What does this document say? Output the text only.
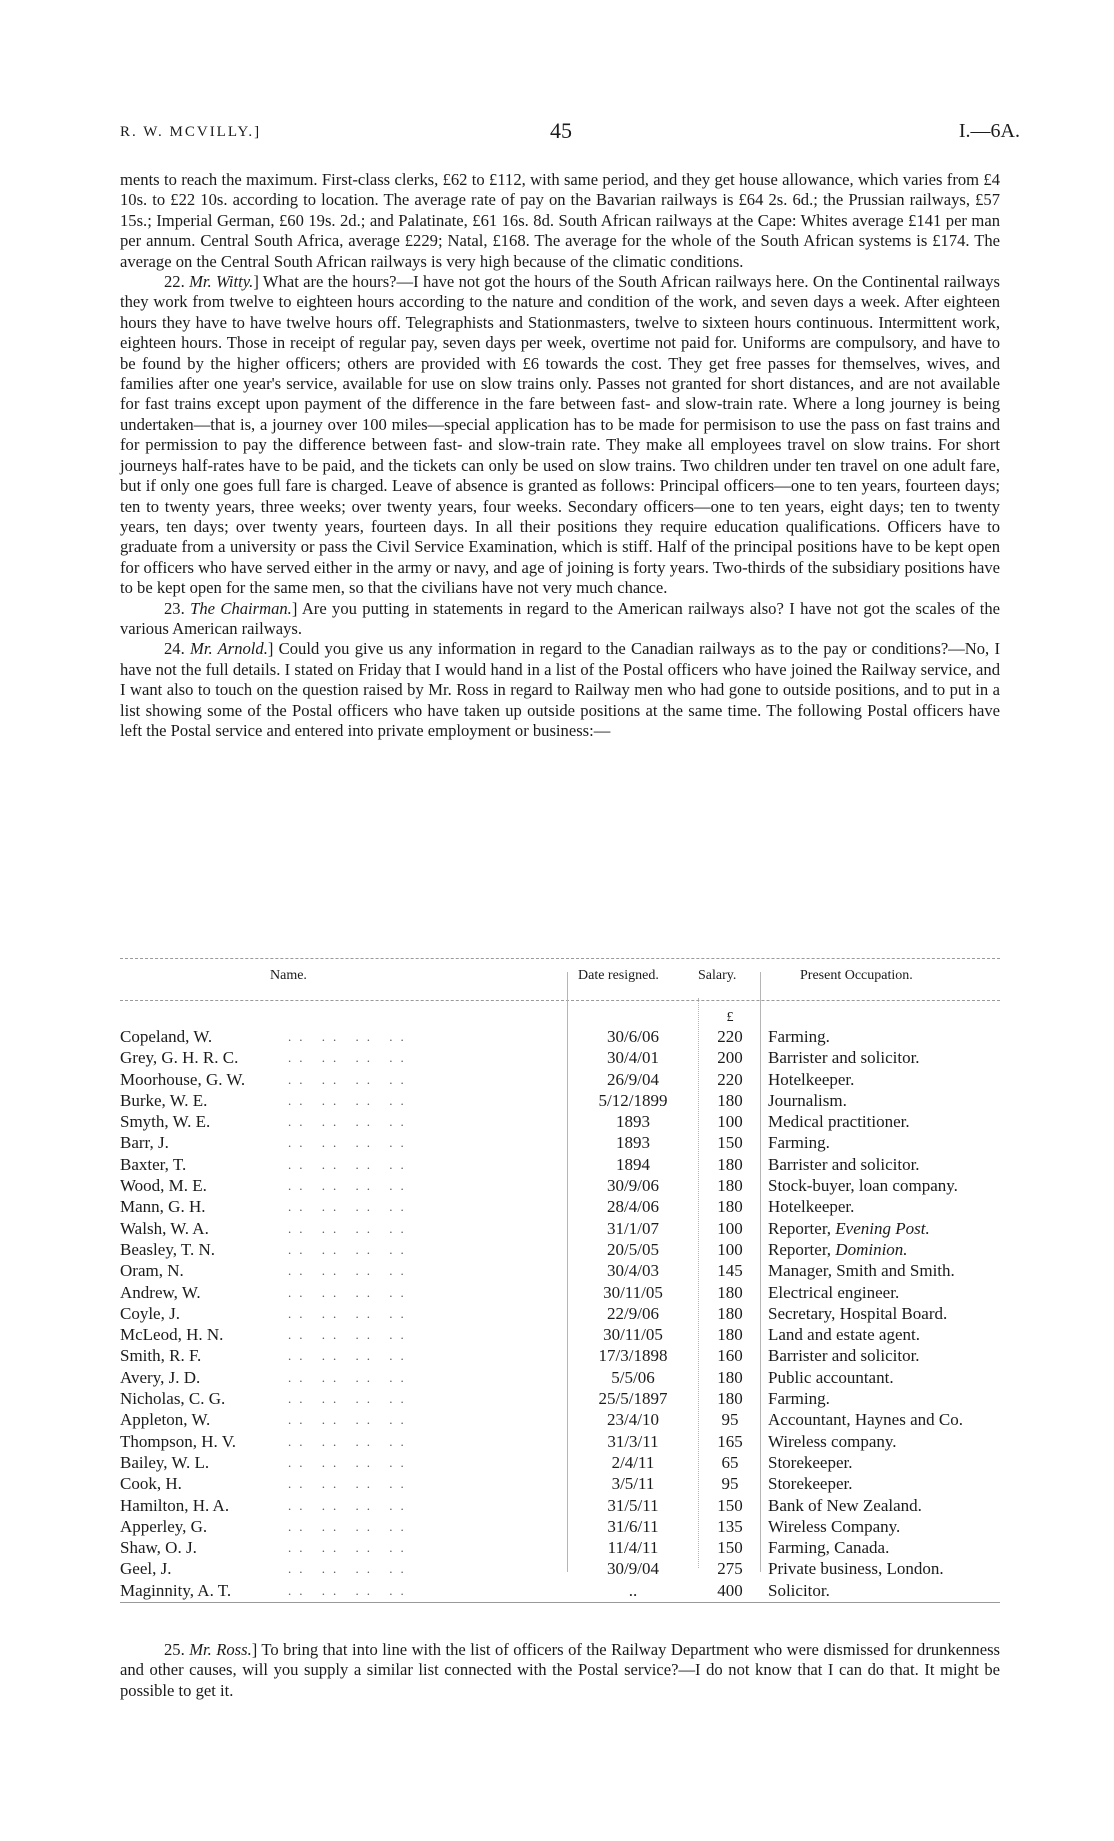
R. W. MCVILLY.]	45	I.—6A.

ments to reach the maximum. First-class clerks, £62 to £112, with same period, and they get house allowance, which varies from £4 10s. to £22 10s. according to location. The average rate of pay on the Bavarian railways is £64 2s. 6d.; the Prussian railways, £57 15s.; Imperial German, £60 19s. 2d.; and Palatinate, £61 16s. 8d. South African railways at the Cape: Whites average £141 per man per annum. Central South Africa, average £229; Natal, £168. The average for the whole of the South African systems is £174. The average on the Central South African railways is very high because of the climatic conditions.

22. Mr. Witty.] What are the hours?—I have not got the hours of the South African railways here. On the Continental railways they work from twelve to eighteen hours according to the nature and condition of the work, and seven days a week. After eighteen hours they have to have twelve hours off. Telegraphists and Stationmasters, twelve to sixteen hours continuous. Intermittent work, eighteen hours. Those in receipt of regular pay, seven days per week, overtime not paid for. Uniforms are compulsory, and have to be found by the higher officers; others are provided with £6 towards the cost. They get free passes for themselves, wives, and families after one year's service, available for use on slow trains only. Passes not granted for short distances, and are not available for fast trains except upon payment of the difference in the fare between fast- and slow-train rate. Where a long journey is being undertaken—that is, a journey over 100 miles—special application has to be made for permisison to use the pass on fast trains and for permission to pay the difference between fast- and slow-train rate. They make all employees travel on slow trains. For short journeys half-rates have to be paid, and the tickets can only be used on slow trains. Two children under ten travel on one adult fare, but if only one goes full fare is charged. Leave of absence is granted as follows: Principal officers—one to ten years, fourteen days; ten to twenty years, three weeks; over twenty years, four weeks. Secondary officers—one to ten years, eight days; ten to twenty years, ten days; over twenty years, fourteen days. In all their positions they require education qualifications. Officers have to graduate from a university or pass the Civil Service Examination, which is stiff. Half of the principal positions have to be kept open for officers who have served either in the army or navy, and age of joining is forty years. Two-thirds of the subsidiary positions have to be kept open for the same men, so that the civilians have not very much chance.

23. The Chairman.] Are you putting in statements in regard to the American railways also? I have not got the scales of the various American railways.

24. Mr. Arnold.] Could you give us any information in regard to the Canadian railways as to the pay or conditions?—No, I have not the full details. I stated on Friday that I would hand in a list of the Postal officers who have joined the Railway service, and I want also to touch on the question raised by Mr. Ross in regard to Railway men who had gone to outside positions, and to put in a list showing some of the Postal officers who have taken up outside positions at the same time. The following Postal officers have left the Postal service and entered into private employment or business:—

Name.	Date resigned.	Salary.	Present Occupation.
£
.. .. .. ..
Copeland, W.	30/6/06	220	Farming.
.. .. .. ..
Grey, G. H. R. C.	30/4/01	200	Barrister and solicitor.
.. .. .. ..
Moorhouse, G. W.	26/9/04	220	Hotelkeeper.
.. .. .. ..
Burke, W. E.	5/12/1899	180	Journalism.
.. .. .. ..
Smyth, W. E.	1893	100	Medical practitioner.
.. .. .. ..
Barr, J.	1893	150	Farming.
.. .. .. ..
Baxter, T.	1894	180	Barrister and solicitor.
.. .. .. ..
Wood, M. E.	30/9/06	180	Stock-buyer, loan company.
.. .. .. ..
Mann, G. H.	28/4/06	180	Hotelkeeper.
.. .. .. ..
Walsh, W. A.	31/1/07	100	Reporter, Evening Post.
.. .. .. ..
Beasley, T. N.	20/5/05	100	Reporter, Dominion.
.. .. .. ..
Oram, N.	30/4/03	145	Manager, Smith and Smith.
.. .. .. ..
Andrew, W.	30/11/05	180	Electrical engineer.
.. .. .. ..
Coyle, J.	22/9/06	180	Secretary, Hospital Board.
.. .. .. ..
McLeod, H. N.	30/11/05	180	Land and estate agent.
.. .. .. ..
Smith, R. F.	17/3/1898	160	Barrister and solicitor.
.. .. .. ..
Avery, J. D.	5/5/06	180	Public accountant.
.. .. .. ..
Nicholas, C. G.	25/5/1897	180	Farming.
.. .. .. ..
Appleton, W.	23/4/10	95	Accountant, Haynes and Co.
.. .. .. ..
Thompson, H. V.	31/3/11	165	Wireless company.
.. .. .. ..
Bailey, W. L.	2/4/11	65	Storekeeper.
.. .. .. ..
Cook, H.	3/5/11	95	Storekeeper.
.. .. .. ..
Hamilton, H. A.	31/5/11	150	Bank of New Zealand.
.. .. .. ..
Apperley, G.	31/6/11	135	Wireless Company.
.. .. .. ..
Shaw, O. J.	11/4/11	150	Farming, Canada.
.. .. .. ..
Geel, J.	30/9/04	275	Private business, London.
.. .. .. ..
Maginnity, A. T.	..	400	Solicitor.

25. Mr. Ross.] To bring that into line with the list of officers of the Railway Department who were dismissed for drunkenness and other causes, will you supply a similar list connected with the Postal service?—I do not know that I can do that. It might be possible to get it.
